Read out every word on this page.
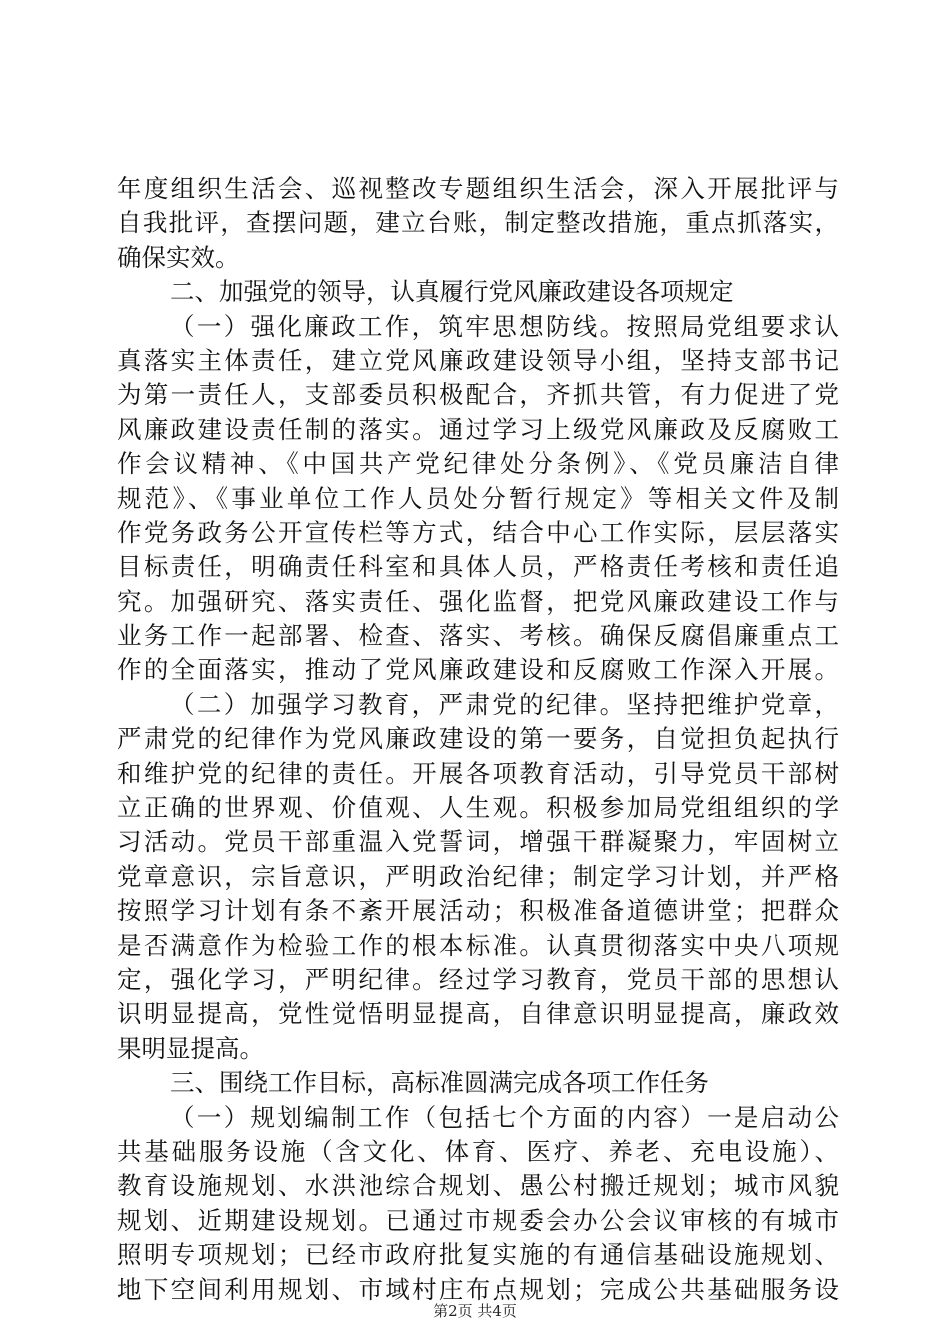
年度组织生活会、巡视整改专题组织生活会，深入开展批评与
自我批评，查摆问题，建立台账，制定整改措施，重点抓落实，
确保实效。
二、加强党的领导，认真履行党风廉政建设各项规定
（一）强化廉政工作，筑牢思想防线。按照局党组要求认
真落实主体责任，建立党风廉政建设领导小组，坚持支部书记
为第一责任人，支部委员积极配合，齐抓共管，有力促进了党
风廉政建设责任制的落实。通过学习上级党风廉政及反腐败工
作会议精神、《中国共产党纪律处分条例》、《党员廉洁自律
规范》、《事业单位工作人员处分暂行规定》等相关文件及制
作党务政务公开宣传栏等方式，结合中心工作实际，层层落实
目标责任，明确责任科室和具体人员，严格责任考核和责任追
究。加强研究、落实责任、强化监督，把党风廉政建设工作与
业务工作一起部署、检查、落实、考核。确保反腐倡廉重点工
作的全面落实，推动了党风廉政建设和反腐败工作深入开展。
（二）加强学习教育，严肃党的纪律。坚持把维护党章，
严肃党的纪律作为党风廉政建设的第一要务，自觉担负起执行
和维护党的纪律的责任。开展各项教育活动，引导党员干部树
立正确的世界观、价值观、人生观。积极参加局党组组织的学
习活动。党员干部重温入党誓词，增强干群凝聚力，牢固树立
党章意识，宗旨意识，严明政治纪律；制定学习计划，并严格
按照学习计划有条不紊开展活动；积极准备道德讲堂；把群众
是否满意作为检验工作的根本标准。认真贯彻落实中央八项规
定，强化学习，严明纪律。经过学习教育，党员干部的思想认
识明显提高，党性觉悟明显提高，自律意识明显提高，廉政效
果明显提高。
三、围绕工作目标，高标准圆满完成各项工作任务
（一）规划编制工作（包括七个方面的内容）一是启动公
共基础服务设施（含文化、体育、医疗、养老、充电设施）、
教育设施规划、水洪池综合规划、愚公村搬迁规划；城市风貌
规划、近期建设规划。已通过市规委会办公会议审核的有城市
照明专项规划；已经市政府批复实施的有通信基础设施规划、
地下空间利用规划、市域村庄布点规划；完成公共基础服务设
第2页 共4页
